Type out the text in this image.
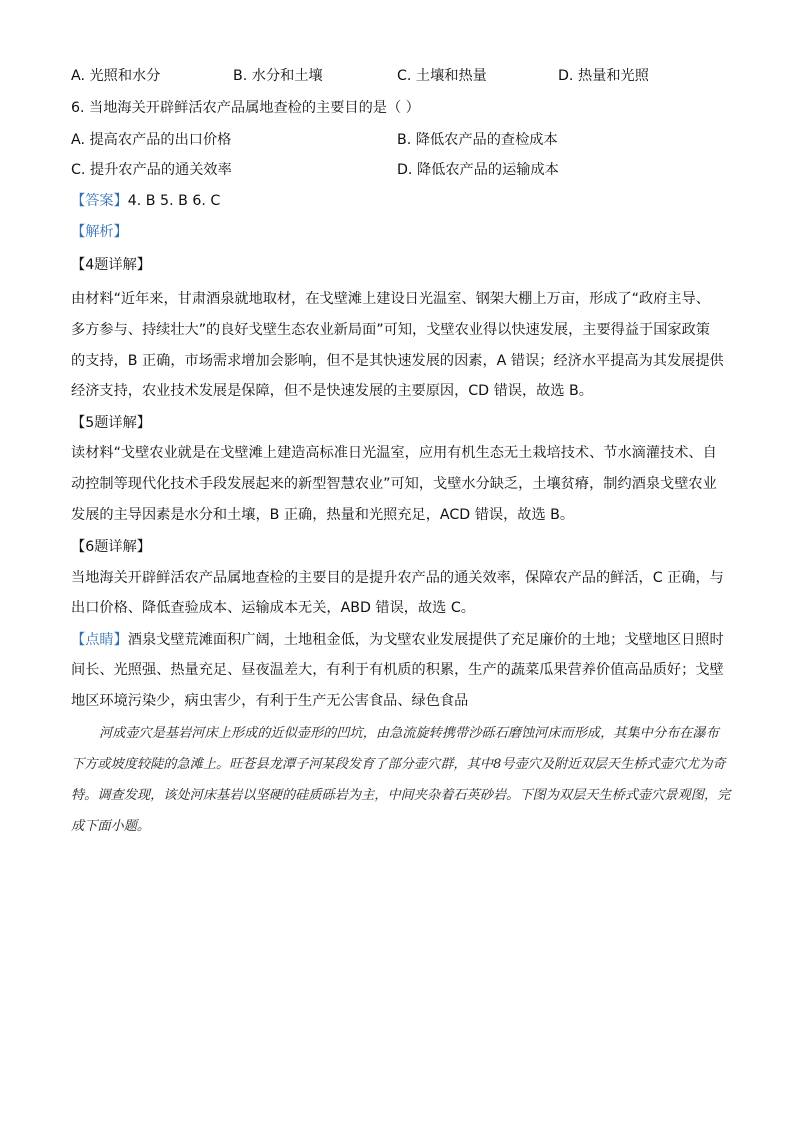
A. 光照和水分	B. 水分和土壤	C. 土壤和热量	D. 热量和光照
6. 当地海关开辟鲜活农产品属地查检的主要目的是（ ）
A. 提高农产品的出口价格	B. 降低农产品的查检成本
C. 提升农产品的通关效率	D. 降低农产品的运输成本
【答案】4. B 5. B 6. C
【解析】
【4题详解】
由材料“近年来，甘肃酒泉就地取材，在戈壁滩上建设日光温室、钢架大棚上万亩，形成了“政府主导、
多方参与、持续壮大”的良好戈壁生态农业新局面”可知，戈壁农业得以快速发展，主要得益于国家政策
的支持，B 正确，市场需求增加会影响，但不是其快速发展的因素，A 错误；经济水平提高为其发展提供
经济支持，农业技术发展是保障，但不是快速发展的主要原因，CD 错误，故选 B。
【5题详解】
读材料“戈壁农业就是在戈壁滩上建造高标准日光温室，应用有机生态无土栽培技术、节水滴灌技术、自
动控制等现代化技术手段发展起来的新型智慧农业”可知，戈壁水分缺乏，土壤贫瘠，制约酒泉戈壁农业
发展的主导因素是水分和土壤，B 正确，热量和光照充足，ACD 错误，故选 B。
【6题详解】
当地海关开辟鲜活农产品属地查检的主要目的是提升农产品的通关效率，保障农产品的鲜活，C 正确，与
出口价格、降低查验成本、运输成本无关，ABD 错误，故选 C。
【点睛】酒泉戈壁荒滩面积广阔，土地租金低，为戈壁农业发展提供了充足廉价的土地；戈壁地区日照时
间长、光照强、热量充足、昼夜温差大，有利于有机质的积累，生产的蔬菜瓜果营养价值高品质好；戈壁
地区环境污染少，病虫害少，有利于生产无公害食品、绿色食品

河成壶穴是基岩河床上形成的近似壶形的凹坑，由急流旋转携带沙砾石磨蚀河床而形成，其集中分布在瀑布下方或坡度较陡的急滩上。旺苍县龙潭子河某段发育了部分壶穴群，其中8号壶穴及附近双层天生桥式壶穴尤为奇特。调查发现，该处河床基岩以坚硬的硅质砾岩为主，中间夹杂着石英砂岩。下图为双层天生桥式壶穴景观图，完成下面小题。
